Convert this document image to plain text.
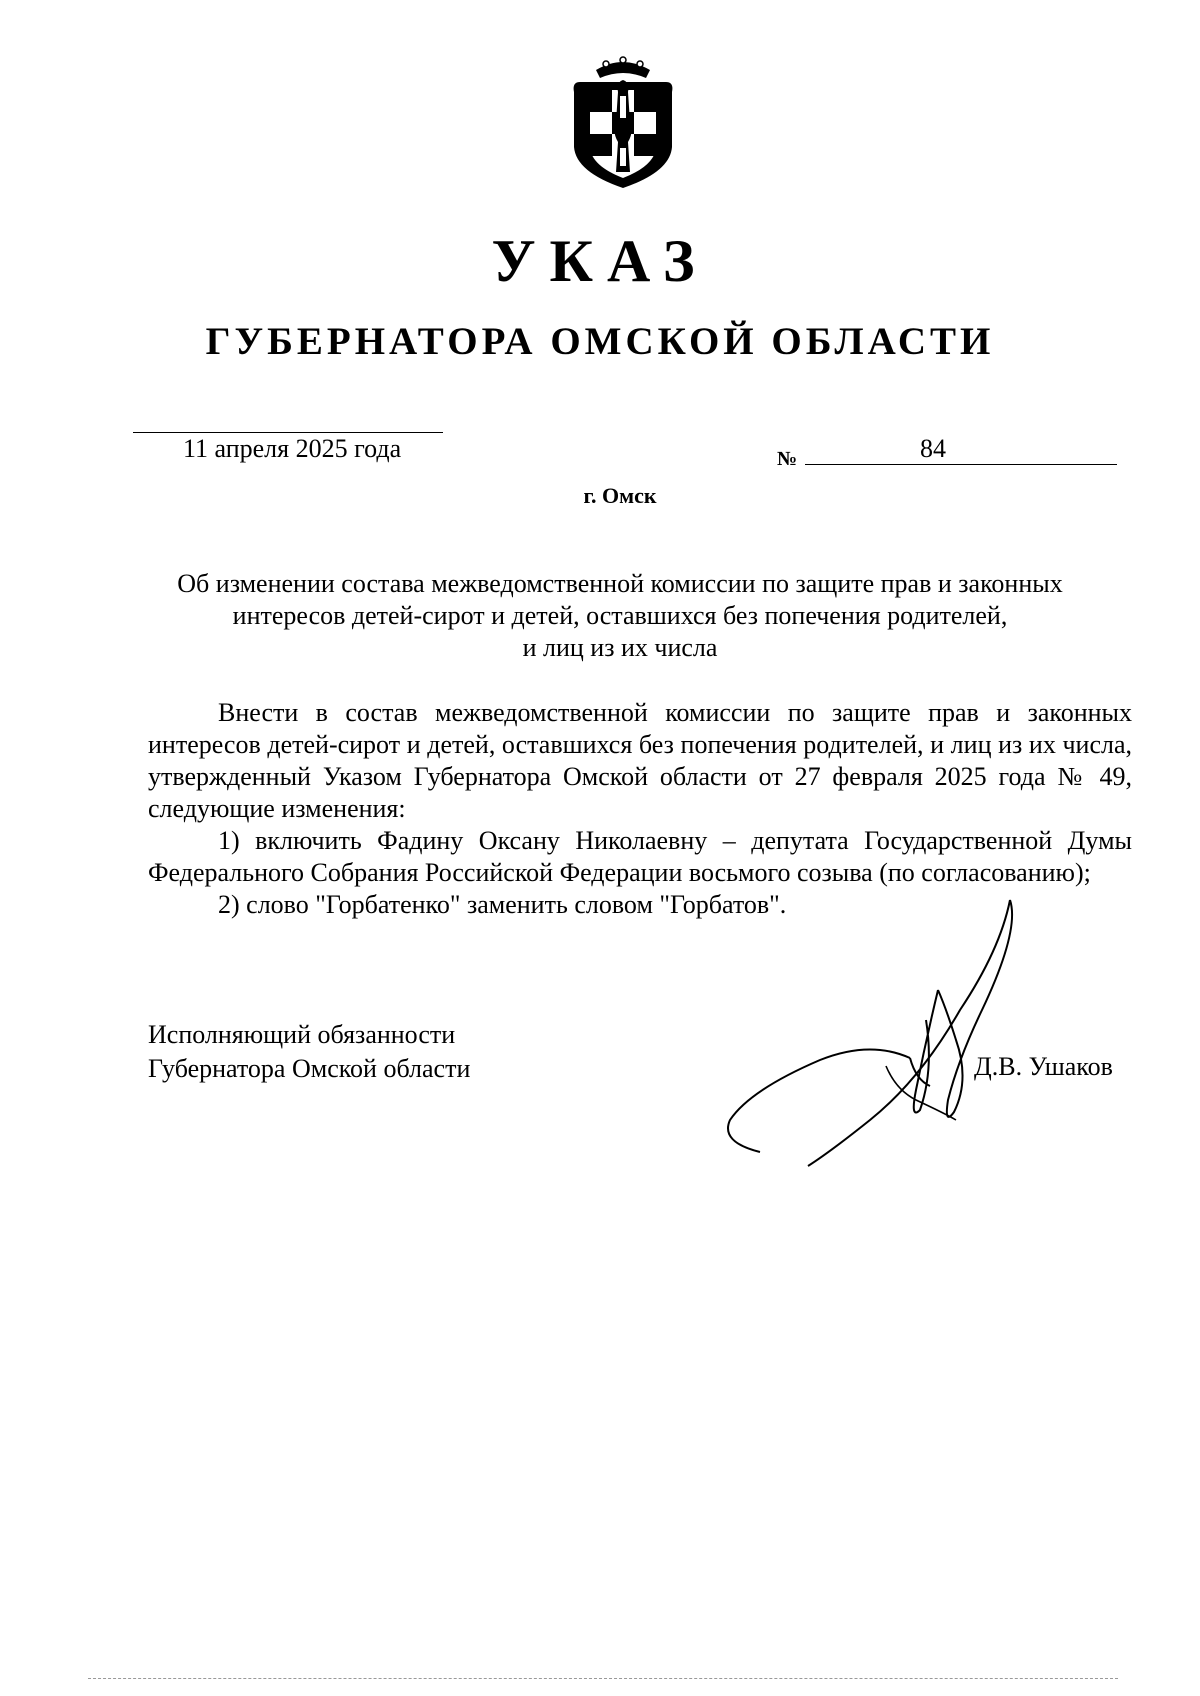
УКАЗ
ГУБЕРНАТОРА ОМСКОЙ ОБЛАСТИ
11 апреля 2025 года	№	84
г. Омск
Об изменении состава межведомственной комиссии по защите прав и законных
интересов детей-сирот и детей, оставшихся без попечения родителей,
и лиц из их числа

Внести в состав межведомственной комиссии по защите прав и законных интересов детей-сирот и детей, оставшихся без попечения родителей, и лиц из их числа, утвержденный Указом Губернатора Омской области от 27 февраля 2025 года № 49, следующие изменения:

1) включить Фадину Оксану Николаевну – депутата Государственной Думы Федерального Собрания Российской Федерации восьмого созыва (по согласованию);

2) слово "Горбатенко" заменить словом "Горбатов".

Исполняющий обязанности
Губернатора Омской области	Д.В. Ушаков
